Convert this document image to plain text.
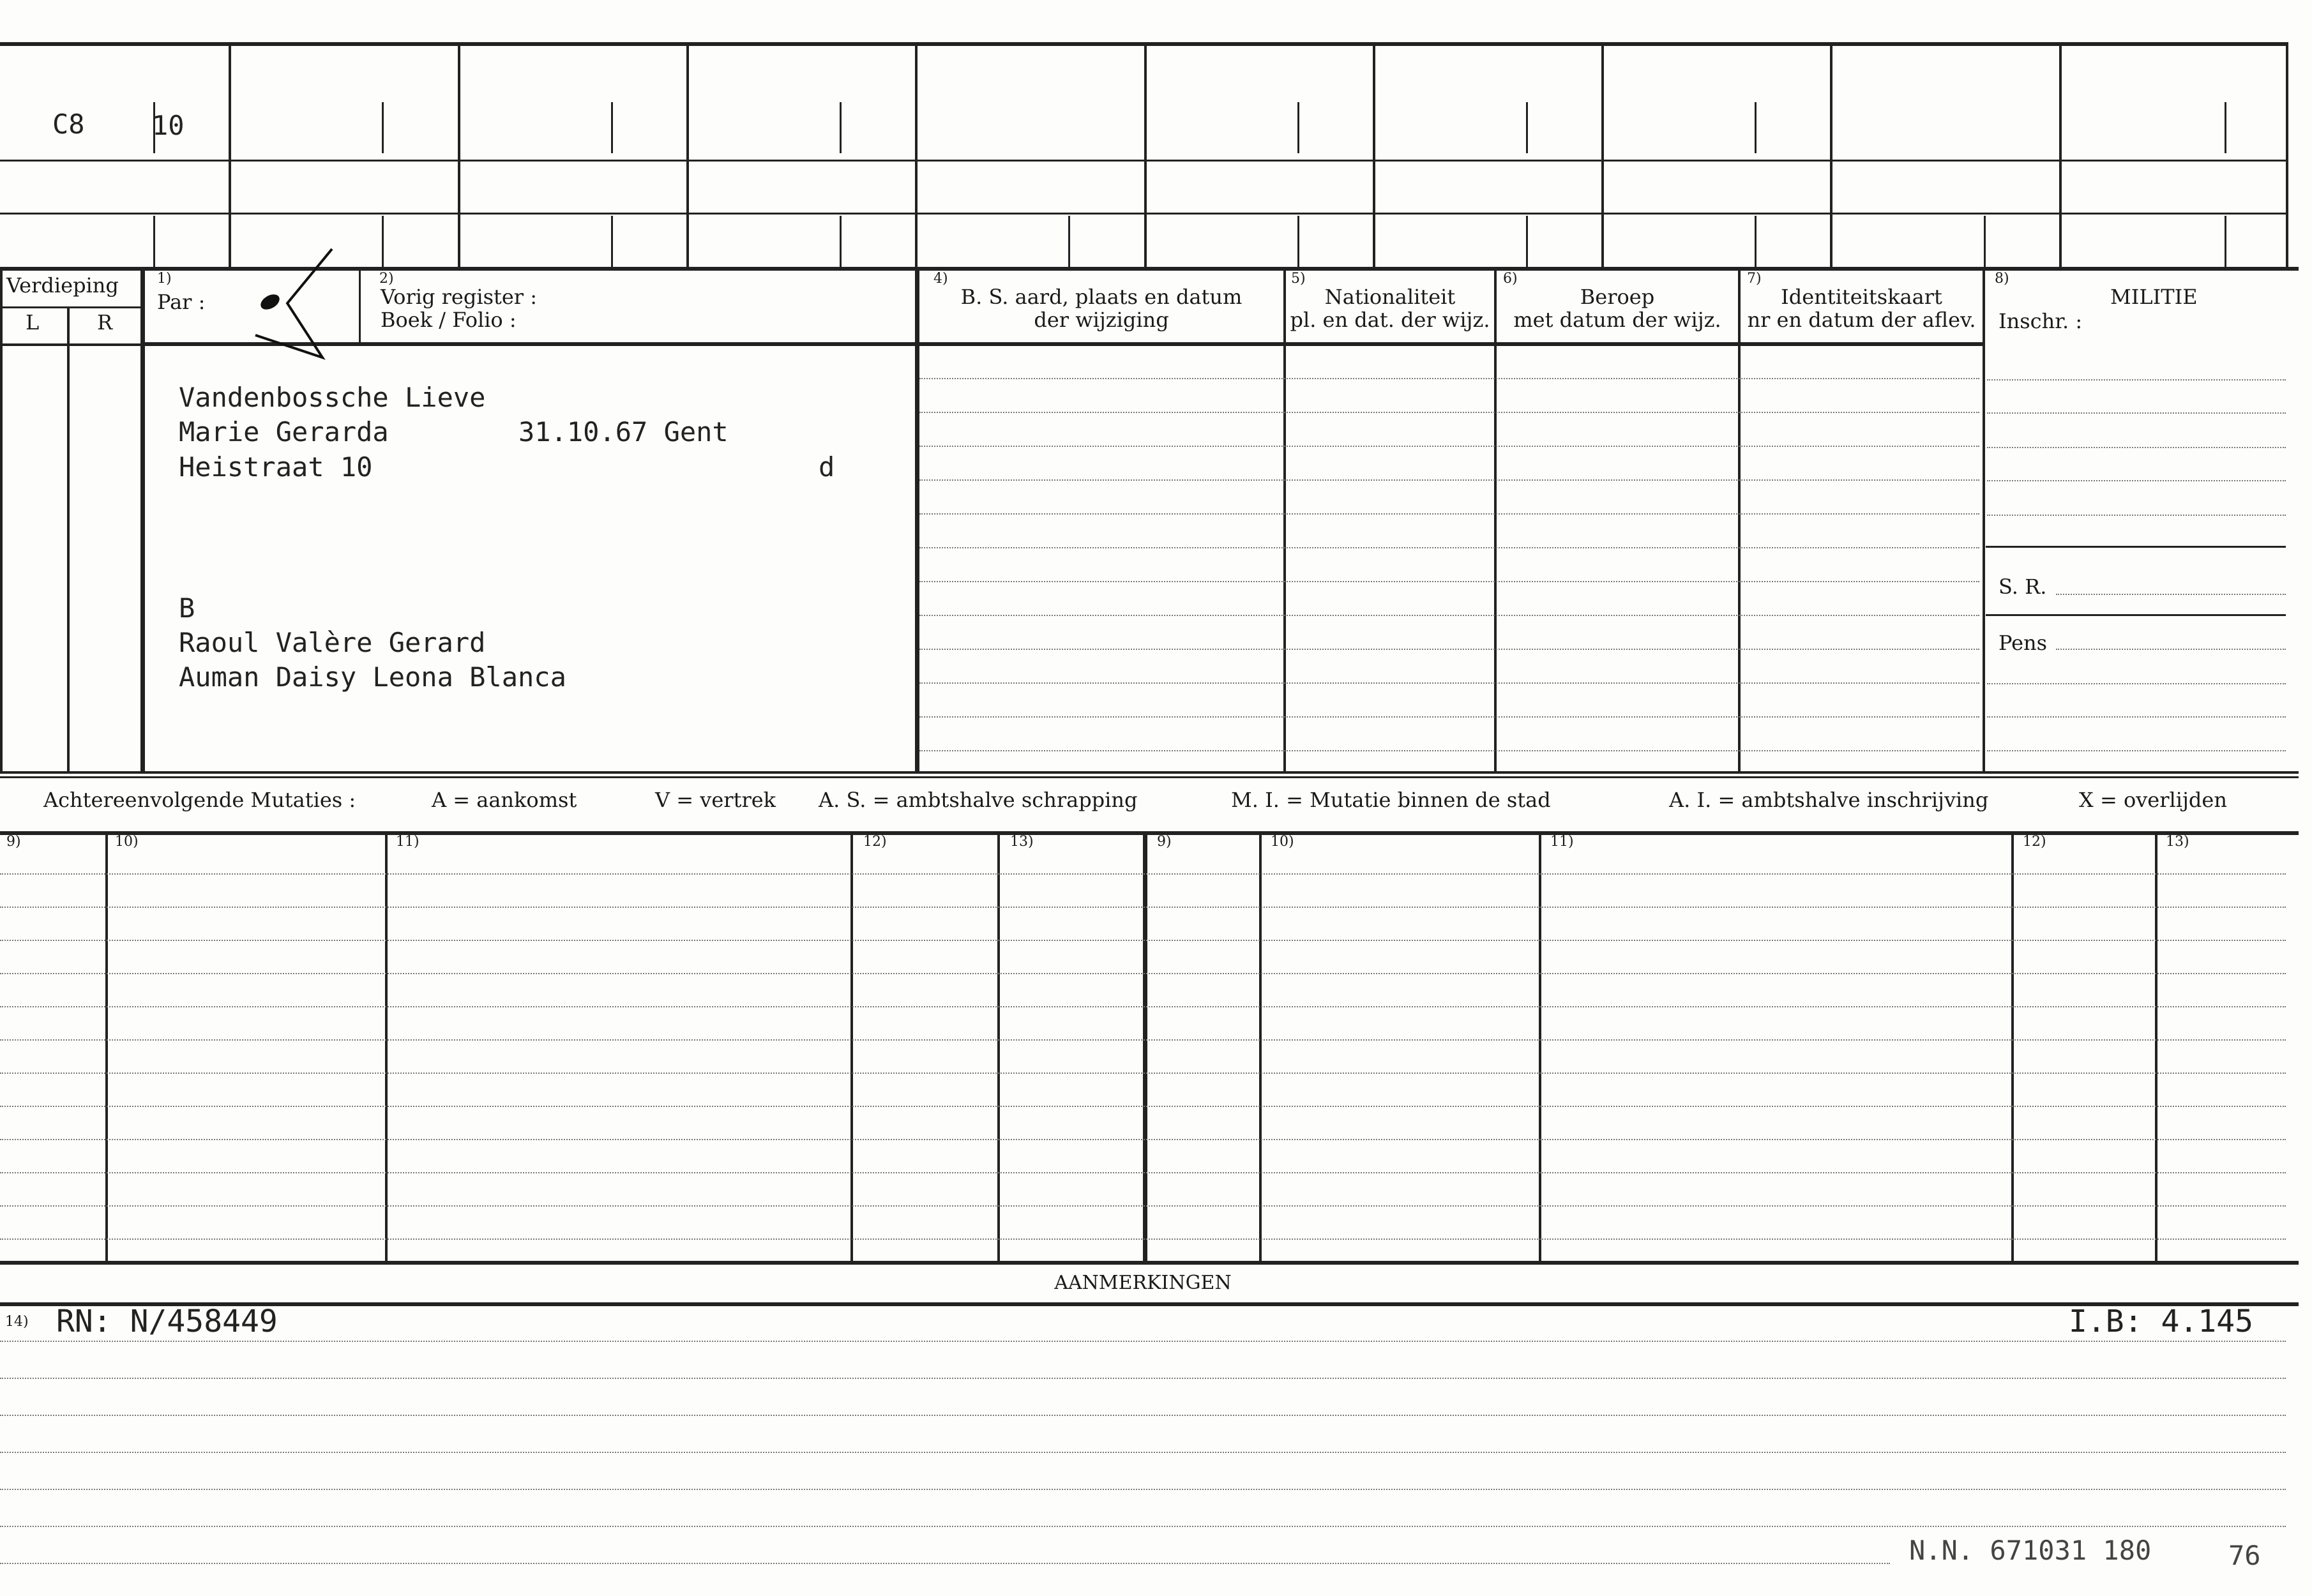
C8	10
Verdieping
L	R
1)
Par :
2)
Vorig register :
Boek / Folio :
4)
B. S. aard, plaats en datum
der wijziging
5)
Nationaliteit
pl. en dat. der wijz.
6)
Beroep
met datum der wijz.
7)
Identiteitskaart
nr en datum der aflev.
8)
MILITIE
Inschr. :
S. R.
Pens
Vandenbossche Lieve
Marie Gerarda	31.10.67 Gent
Heistraat 10	d
B
Raoul Valère Gerard
Auman Daisy Leona Blanca
Achtereenvolgende Mutaties :	A = aankomst	V = vertrek A. S. = ambtshalve schrapping	M. I. = Mutatie binnen de stad	A. I. = ambtshalve inschrijving	X = overlijden
9)	10)	11)	12)	13)	9)	10)	11)	12)	13)
AANMERKINGEN
14) RN: N/458449	I.B: 4.145
N.N. 671031 180	76
